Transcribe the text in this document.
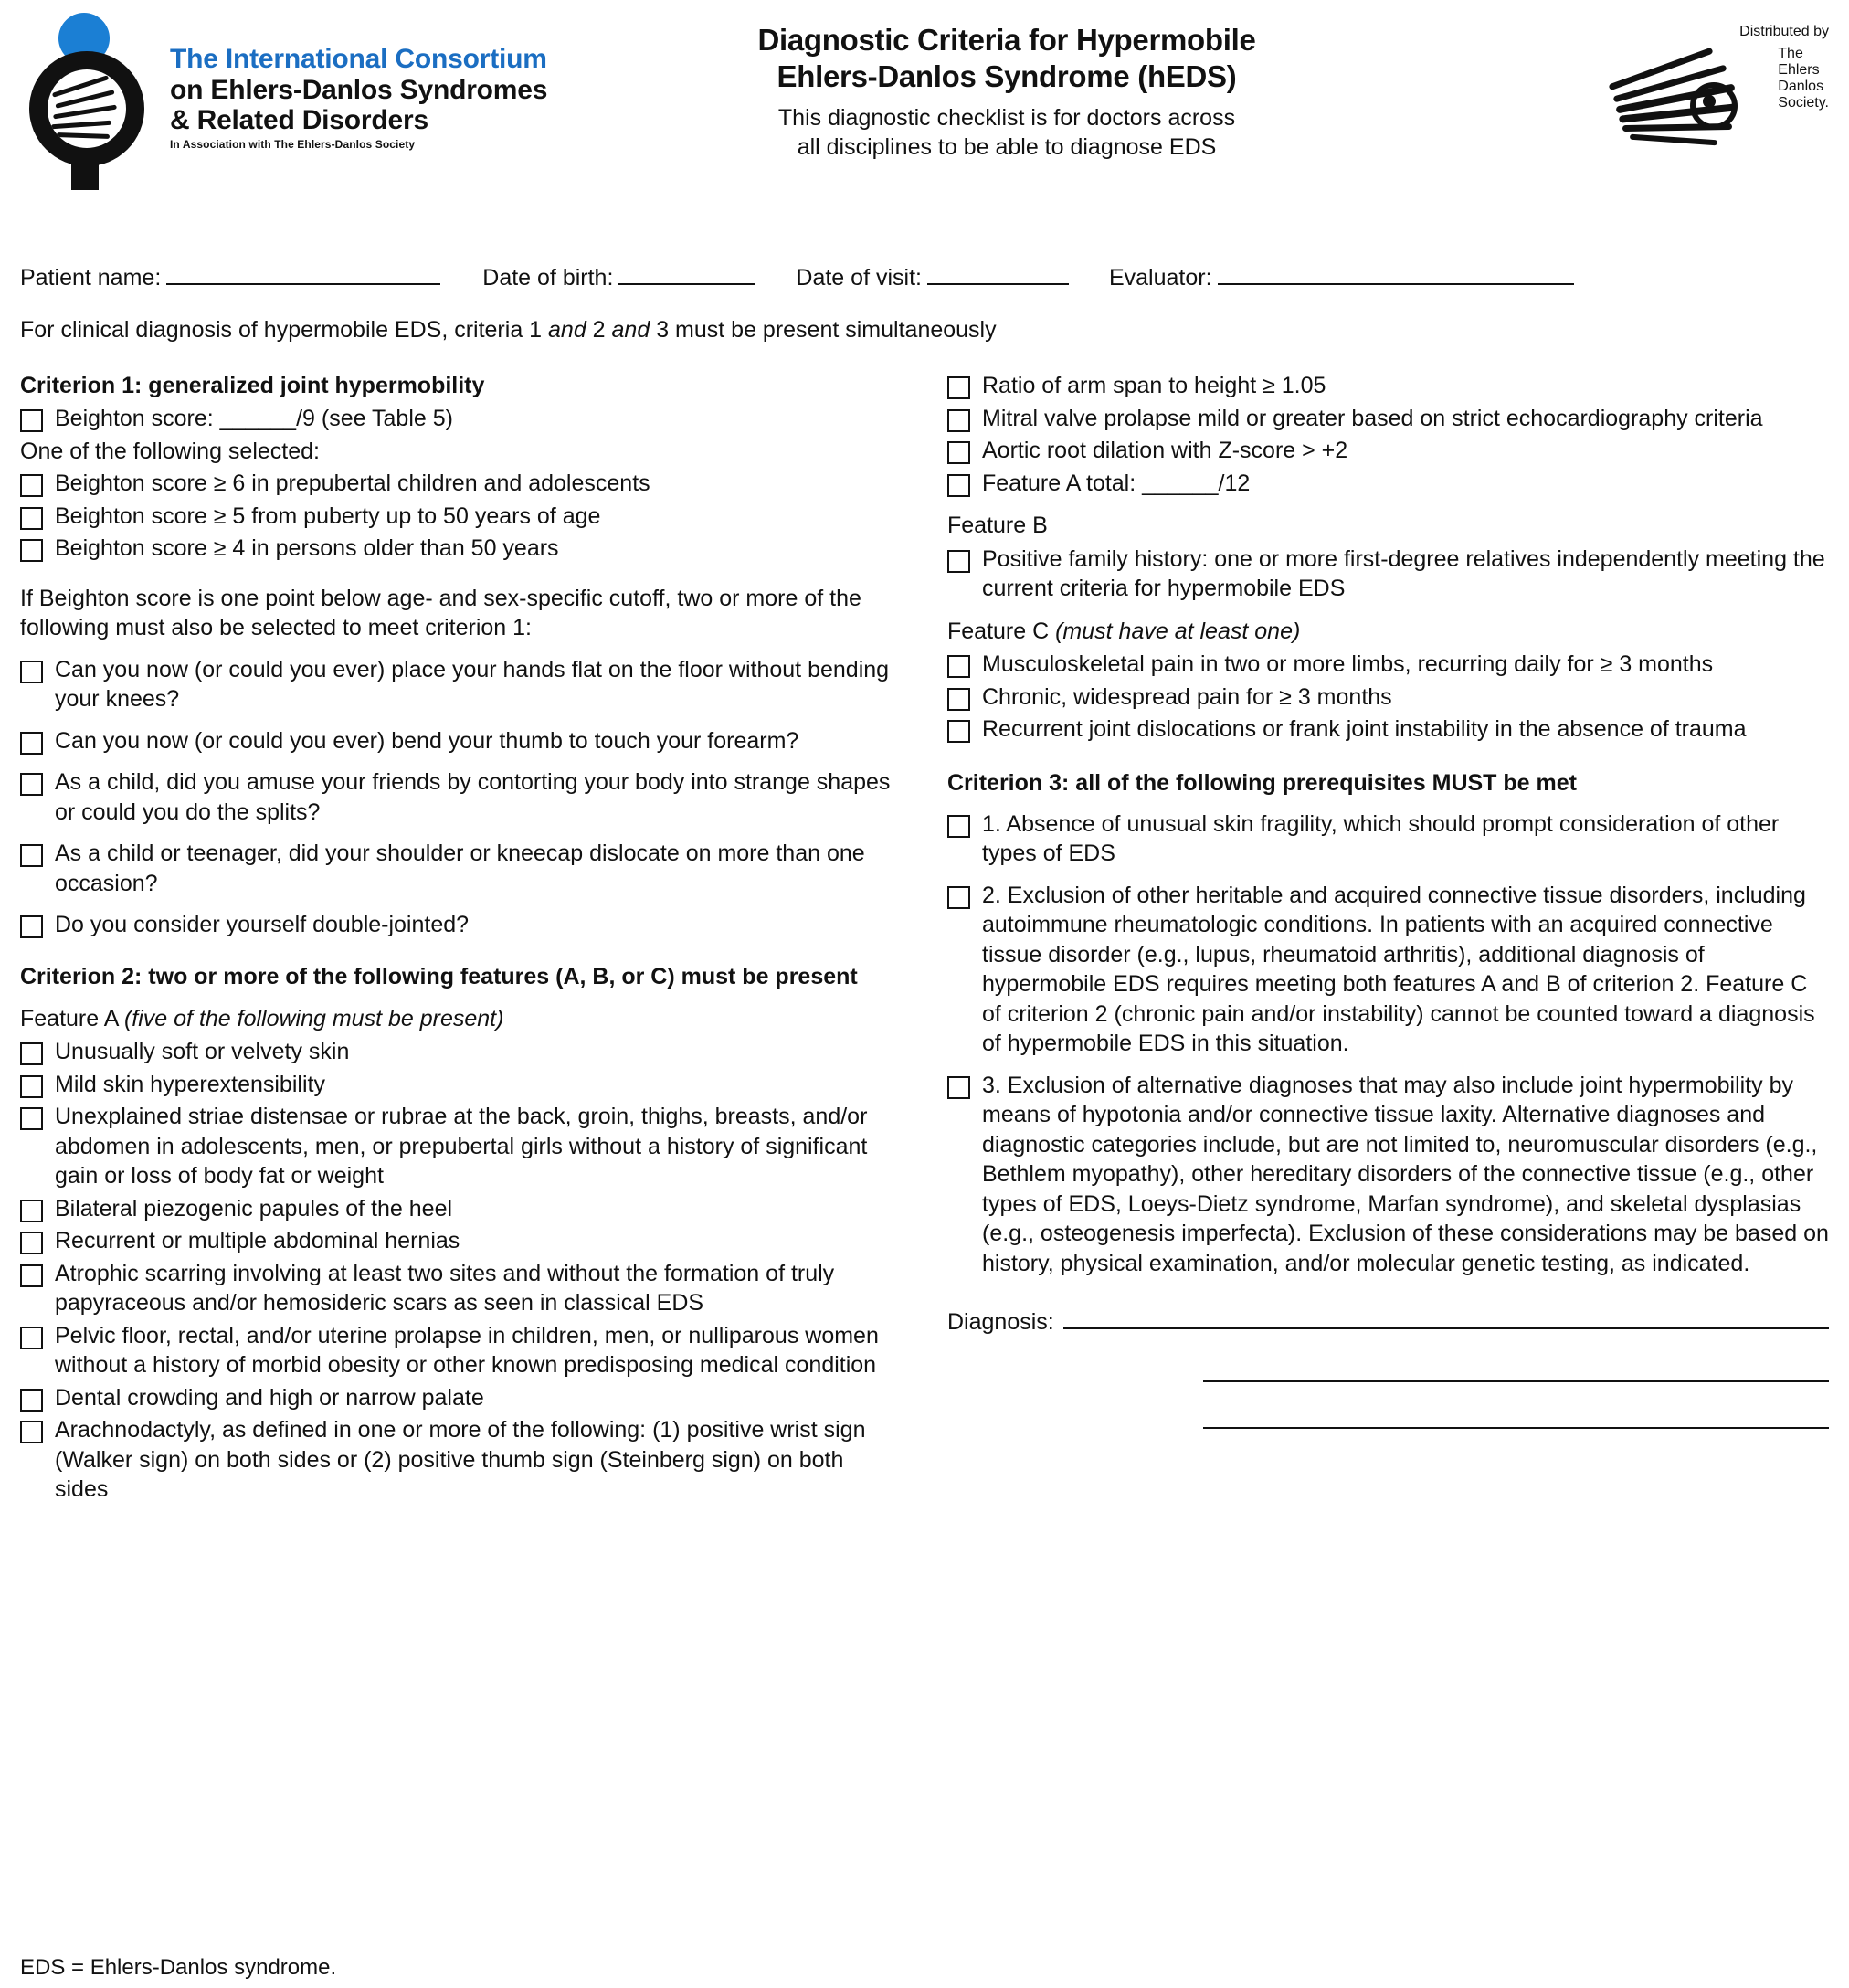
The International Consortium
on Ehlers-Danlos Syndromes
& Related Disorders
In Association with The Ehlers-Danlos Society
Diagnostic Criteria for Hypermobile
Ehlers-Danlos Syndrome (hEDS)
This diagnostic checklist is for doctors across
all disciplines to be able to diagnose EDS
Distributed by
The
Ehlers
Danlos
Society.
Patient name:	Date of birth:	Date of visit:	Evaluator:

For clinical diagnosis of hypermobile EDS, criteria 1 and 2 and 3 must be present simultaneously

Criterion 1: generalized joint hypermobility
Beighton score: ______/9 (see Table 5)

One of the following selected:

Beighton score ≥ 6 in prepubertal children and adolescents
Beighton score ≥ 5 from puberty up to 50 years of age
Beighton score ≥ 4 in persons older than 50 years

If Beighton score is one point below age- and sex-specific cutoff, two or more of the following must also be selected to meet criterion 1:

Can you now (or could you ever) place your hands flat on the floor without bending your knees?
Can you now (or could you ever) bend your thumb to touch your forearm?
As a child, did you amuse your friends by contorting your body into strange shapes or could you do the splits?
As a child or teenager, did your shoulder or kneecap dislocate on more than one occasion?
Do you consider yourself double-jointed?
Criterion 2: two or more of the following features (A, B, or C) must be present

Feature A (five of the following must be present)

Unusually soft or velvety skin
Mild skin hyperextensibility
Unexplained striae distensae or rubrae at the back, groin, thighs, breasts, and/or abdomen in adolescents, men, or prepubertal girls without a history of significant gain or loss of body fat or weight
Bilateral piezogenic papules of the heel
Recurrent or multiple abdominal hernias
Atrophic scarring involving at least two sites and without the formation of truly papyraceous and/or hemosideric scars as seen in classical EDS
Pelvic floor, rectal, and/or uterine prolapse in children, men, or nulliparous women without a history of morbid obesity or other known predisposing medical condition
Dental crowding and high or narrow palate
Arachnodactyly, as defined in one or more of the following: (1) positive wrist sign (Walker sign) on both sides or (2) positive thumb sign (Steinberg sign) on both sides
Ratio of arm span to height ≥ 1.05
Mitral valve prolapse mild or greater based on strict echocardiography criteria
Aortic root dilation with Z-score > +2
Feature A total: ______/12

Feature B

Positive family history: one or more first-degree relatives independently meeting the current criteria for hypermobile EDS

Feature C (must have at least one)

Musculoskeletal pain in two or more limbs, recurring daily for ≥ 3 months
Chronic, widespread pain for ≥ 3 months
Recurrent joint dislocations or frank joint instability in the absence of trauma
Criterion 3: all of the following prerequisites MUST be met
1. Absence of unusual skin fragility, which should prompt consideration of other types of EDS
2. Exclusion of other heritable and acquired connective tissue disorders, including autoimmune rheumatologic conditions. In patients with an acquired connective tissue disorder (e.g., lupus, rheumatoid arthritis), additional diagnosis of hypermobile EDS requires meeting both features A and B of criterion 2. Feature C of criterion 2 (chronic pain and/or instability) cannot be counted toward a diagnosis of hypermobile EDS in this situation.
3. Exclusion of alternative diagnoses that may also include joint hypermobility by means of hypotonia and/or connective tissue laxity. Alternative diagnoses and diagnostic categories include, but are not limited to, neuromuscular disorders (e.g., Bethlem myopathy), other hereditary disorders of the connective tissue (e.g., other types of EDS, Loeys-Dietz syndrome, Marfan syndrome), and skeletal dysplasias (e.g., osteogenesis imperfecta). Exclusion of these considerations may be based on history, physical examination, and/or molecular genetic testing, as indicated.
Diagnosis:
EDS = Ehlers-Danlos syndrome.
